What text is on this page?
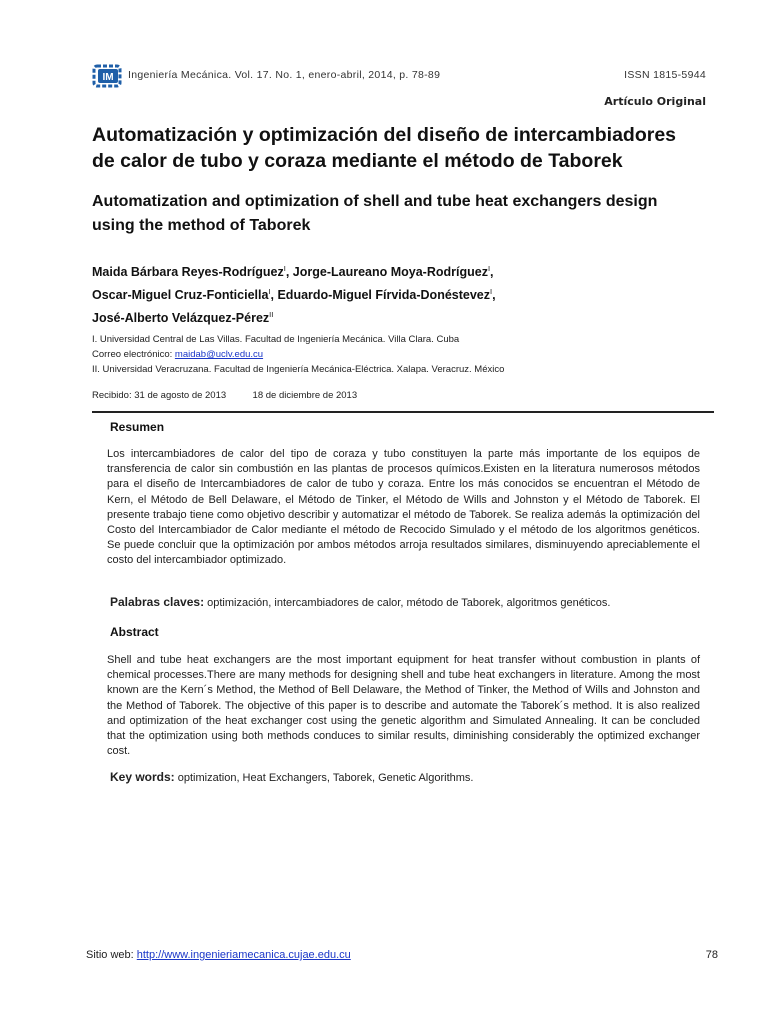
IM Ingeniería Mecánica. Vol. 17. No. 1, enero-abril, 2014, p. 78-89	ISSN 1815-5944
Artículo Original
Automatización y optimización del diseño de intercambiadores de calor de tubo y coraza mediante el método de Taborek
Automatization and optimization of shell and tube heat exchangers design using the method of Taborek
Maida Bárbara Reyes-Rodríguez$^I$, Jorge-Laureano Moya-Rodríguez$^I$,
Oscar-Miguel Cruz-Fonticiella$^I$, Eduardo-Miguel Fírvida-Donéstevez$^I$,
José-Alberto Velázquez-Pérez$^{II}$
I. Universidad Central de Las Villas. Facultad de Ingeniería Mecánica. Villa Clara. Cuba
Correo electrónico: maidab@uclv.edu.cu
II. Universidad Veracruzana. Facultad de Ingeniería Mecánica-Eléctrica. Xalapa. Veracruz. México
Recibido: 31 de agosto de 2013          18 de diciembre de 2013
Resumen
Los intercambiadores de calor del tipo de coraza y tubo constituyen la parte más importante de los equipos de transferencia de calor sin combustión en las plantas de procesos químicos.Existen en la literatura numerosos métodos para el diseño de Intercambiadores de calor de tubo y coraza. Entre los más conocidos se encuentran el Método de Kern, el Método de Bell Delaware, el Método de Tinker, el Método de Wills and Johnston y el Método de Taborek. El presente trabajo tiene como objetivo describir y automatizar el método de Taborek. Se realiza además la optimización del Costo del Intercambiador de Calor mediante el método de Recocido Simulado y el método de los algoritmos genéticos. Se puede concluir que la optimización por ambos métodos arroja resultados similares, disminuyendo apreciablemente el costo del intercambiador optimizado.
Palabras claves: optimización, intercambiadores de calor, método de Taborek, algoritmos genéticos.
Abstract
Shell and tube heat exchangers are the most important equipment for heat transfer without combustion in plants of chemical processes.There are many methods for designing shell and tube heat exchangers in literature. Among the most known are the Kern´s Method, the Method of Bell Delaware, the Method of Tinker, the Method of Wills and Johnston and the Method of Taborek. The objective of this paper is to describe and automate the Taborek´s method. It is also realized and optimization of the heat exchanger cost using the genetic algorithm and Simulated Annealing. It can be concluded that the optimization using both methods conduces to similar results, diminishing considerably the optimized exchanger cost.
Key words: optimization, Heat Exchangers, Taborek, Genetic Algorithms.
Sitio web: http://www.ingenieriamecanica.cujae.edu.cu	78
